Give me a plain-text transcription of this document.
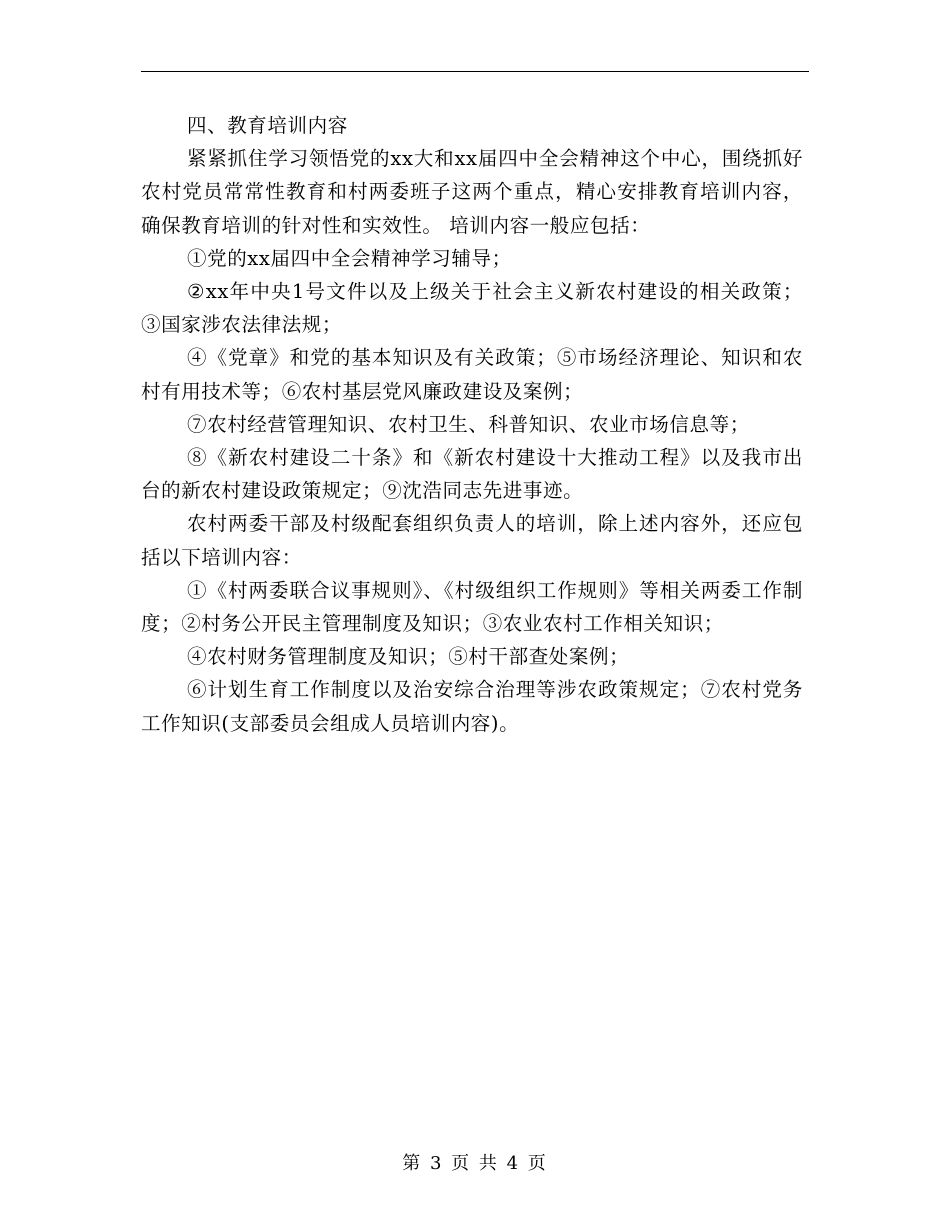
四、教育培训内容

紧紧抓住学习领悟党的xx大和xx届四中全会精神这个中心，围绕抓好农村党员常常性教育和村两委班子这两个重点，精心安排教育培训内容，确保教育培训的针对性和实效性。 培训内容一般应包括：

①党的xx届四中全会精神学习辅导；

②xx年中央1号文件以及上级关于社会主义新农村建设的相关政策；③国家涉农法律法规；

④《党章》和党的基本知识及有关政策；⑤市场经济理论、知识和农村有用技术等；⑥农村基层党风廉政建设及案例；

⑦农村经营管理知识、农村卫生、科普知识、农业市场信息等；

⑧《新农村建设二十条》和《新农村建设十大推动工程》以及我市出台的新农村建设政策规定；⑨沈浩同志先进事迹。

农村两委干部及村级配套组织负责人的培训，除上述内容外，还应包括以下培训内容：

①《村两委联合议事规则》、《村级组织工作规则》等相关两委工作制度；②村务公开民主管理制度及知识；③农业农村工作相关知识；

④农村财务管理制度及知识；⑤村干部查处案例；

⑥计划生育工作制度以及治安综合治理等涉农政策规定；⑦农村党务工作知识(支部委员会组成人员培训内容)。

第 3 页 共 4 页
